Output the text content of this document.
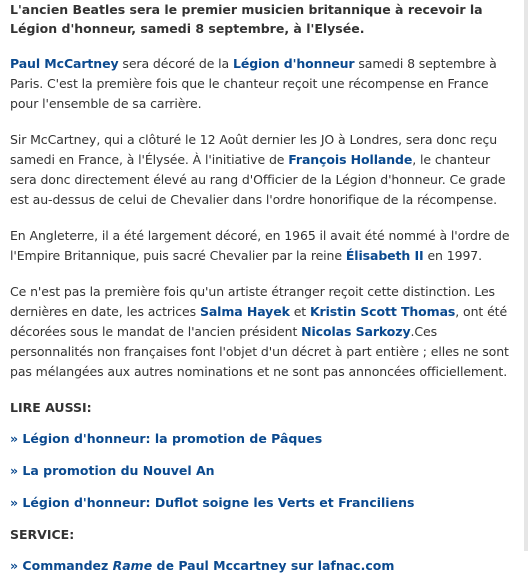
L'ancien Beatles sera le premier musicien britannique à recevoir la Légion d'honneur, samedi 8 septembre, à l'Elysée.

Paul McCartney sera décoré de la Légion d'honneur samedi 8 septembre à Paris. C'est la première fois que le chanteur reçoit une récompense en France pour l'ensemble de sa carrière.

Sir McCartney, qui a clôturé le 12 Août dernier les JO à Londres, sera donc reçu samedi en France, à l'Élysée. À l'initiative de François Hollande, le chanteur sera donc directement élevé au rang d'Officier de la Légion d'honneur. Ce grade est au-dessus de celui de Chevalier dans l'ordre honorifique de la récompense.

En Angleterre, il a été largement décoré, en 1965 il avait été nommé à l'ordre de l'Empire Britannique, puis sacré Chevalier par la reine Élisabeth II en 1997.

Ce n'est pas la première fois qu'un artiste étranger reçoit cette distinction. Les dernières en date, les actrices Salma Hayek et Kristin Scott Thomas, ont été décorées sous le mandat de l'ancien président Nicolas Sarkozy.Ces personnalités non françaises font l'objet d'un décret à part entière ; elles ne sont pas mélangées aux autres nominations et ne sont pas annoncées officiellement.

LIRE AUSSI:
» Légion d'honneur: la promotion de Pâques
» La promotion du Nouvel An
» Légion d'honneur: Duflot soigne les Verts et Franciliens
SERVICE:
» Commandez Rame de Paul Mccartney sur lafnac.com
